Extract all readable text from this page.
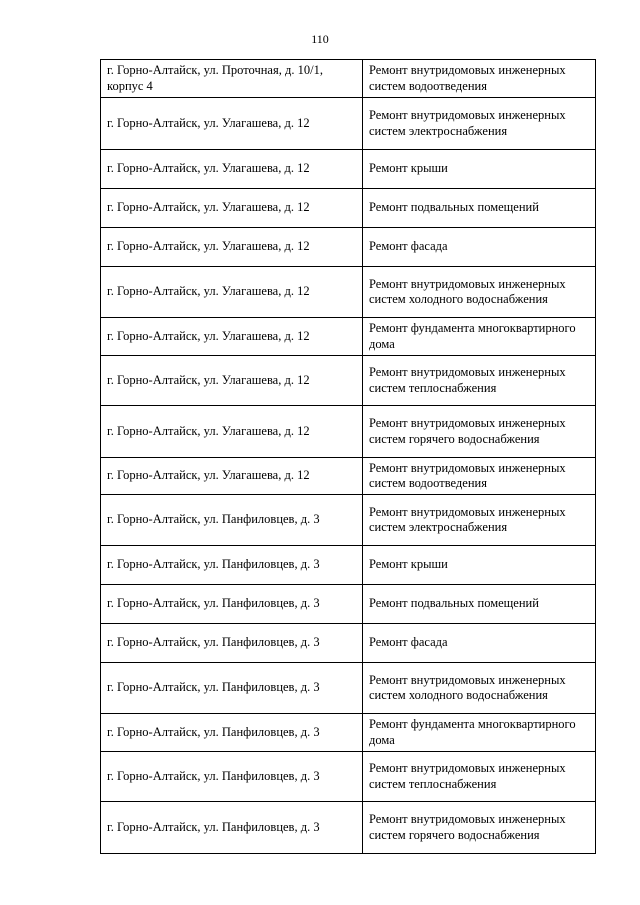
110
г. Горно-Алтайск, ул. Проточная, д. 10/1, корпус 4	Ремонт внутридомовых инженерных систем водоотведения
г. Горно-Алтайск, ул. Улагашева, д. 12	Ремонт внутридомовых инженерных систем электроснабжения
г. Горно-Алтайск, ул. Улагашева, д. 12	Ремонт крыши
г. Горно-Алтайск, ул. Улагашева, д. 12	Ремонт подвальных помещений
г. Горно-Алтайск, ул. Улагашева, д. 12	Ремонт фасада
г. Горно-Алтайск, ул. Улагашева, д. 12	Ремонт внутридомовых инженерных систем холодного водоснабжения
г. Горно-Алтайск, ул. Улагашева, д. 12	Ремонт фундамента многоквартирного дома
г. Горно-Алтайск, ул. Улагашева, д. 12	Ремонт внутридомовых инженерных систем теплоснабжения
г. Горно-Алтайск, ул. Улагашева, д. 12	Ремонт внутридомовых инженерных систем горячего водоснабжения
г. Горно-Алтайск, ул. Улагашева, д. 12	Ремонт внутридомовых инженерных систем водоотведения
г. Горно-Алтайск, ул. Панфиловцев, д. 3	Ремонт внутридомовых инженерных систем электроснабжения
г. Горно-Алтайск, ул. Панфиловцев, д. 3	Ремонт крыши
г. Горно-Алтайск, ул. Панфиловцев, д. 3	Ремонт подвальных помещений
г. Горно-Алтайск, ул. Панфиловцев, д. 3	Ремонт фасада
г. Горно-Алтайск, ул. Панфиловцев, д. 3	Ремонт внутридомовых инженерных систем холодного водоснабжения
г. Горно-Алтайск, ул. Панфиловцев, д. 3	Ремонт фундамента многоквартирного дома
г. Горно-Алтайск, ул. Панфиловцев, д. 3	Ремонт внутридомовых инженерных систем теплоснабжения
г. Горно-Алтайск, ул. Панфиловцев, д. 3	Ремонт внутридомовых инженерных систем горячего водоснабжения
